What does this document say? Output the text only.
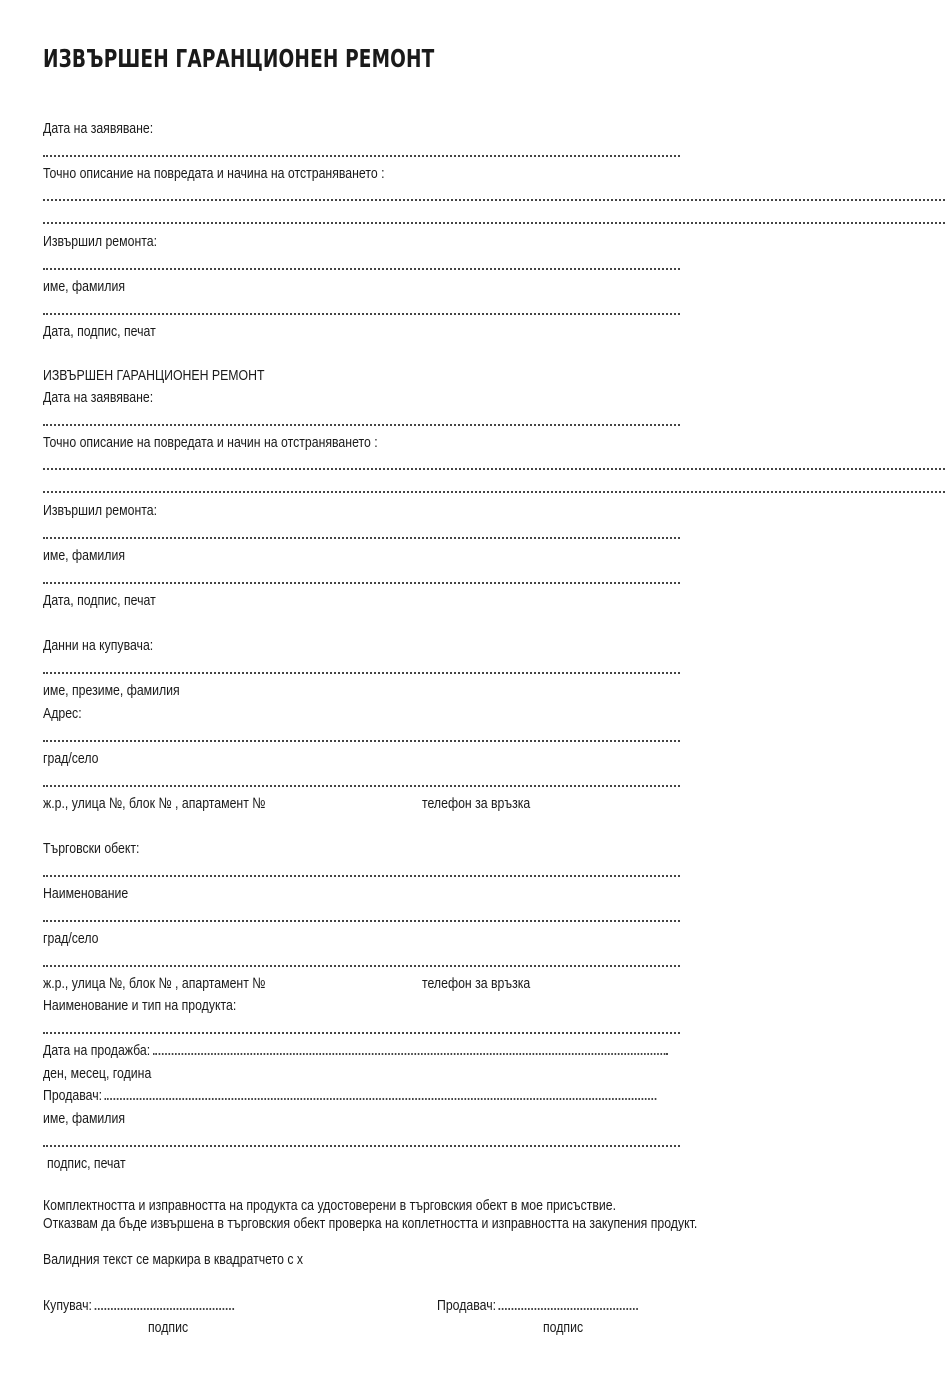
ИЗВЪРШЕН ГАРАНЦИОНЕН РЕМОНТ
Дата на заявяване:
Точно описание на повредата и начина на отстраняването :
Извършил ремонта:
име, фамилия
Дата, подпис, печат
ИЗВЪРШЕН ГАРАНЦИОНЕН РЕМОНТ
Дата на заявяване:
Точно описание на повредата и начин на отстраняването :
Извършил ремонта:
име, фамилия
Дата, подпис, печат
Данни на купувача:
име, презиме, фамилия
Адрес:
град/село
ж.р., улица №, блок № , апартамент №	телефон за връзка
Търговски обект:
Наименование
град/село
ж.р., улица №, блок № , апартамент №	телефон за връзка
Наименование и тип на продукта:
Дата на продажба:
ден, месец, година
Продавач:
име, фамилия
подпис, печат
Комплектността и изправността на продукта са удостоверени в търговския обект в мое присъствие.
Отказвам да бъде извършена в търговския обект проверка на коплетността и изправността на закупения продукт.
Валидния текст се маркира в квадратчето с х
Купувач:	Продавач:
подпис	подпис
